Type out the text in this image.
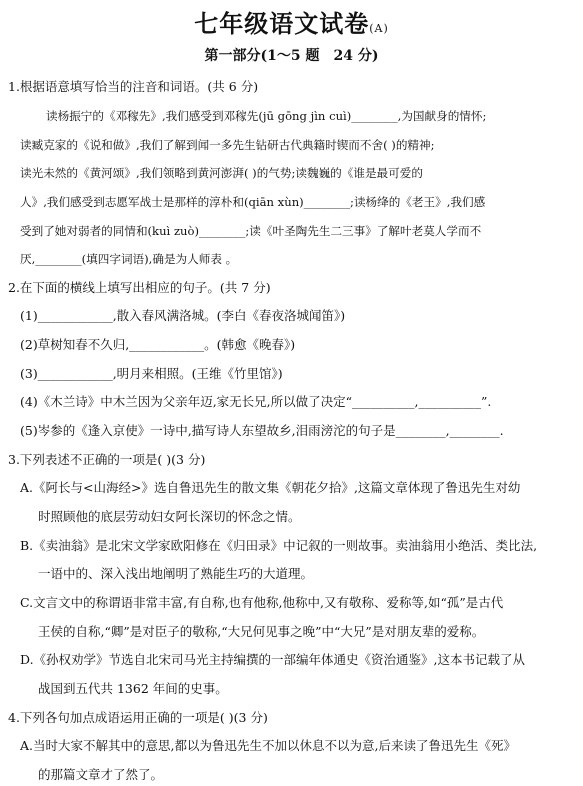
七年级语文试卷(A)
第一部分(1～5 题　24 分)
1.根据语意填写恰当的注音和词语。(共 6 分)
读杨振宁的《邓稼先》,我们感受到邓稼先(jū gōng jìn cuì)________,为国献身的情怀;
读臧克家的《说和做》,我们了解到闻一多先生钻研古代典籍时锲而不舍( )的精神;
读光未然的《黄河颂》,我们领略到黄河澎湃( )的气势;读魏巍的《谁是最可爱的
人》,我们感受到志愿军战士是那样的淳朴和(qiān xùn)________;读杨绛的《老王》,我们感
受到了她对弱者的同情和(kuì zuò)________;读《叶圣陶先生二三事》了解叶老莫人学而不
厌,________(填四字词语),确是为人师表 。
2.在下面的横线上填写出相应的句子。(共 7 分)
(1)____________,散入春风满洛城。(李白《春夜洛城闻笛》)
(2)草树知春不久归,____________。(韩愈《晚春》)
(3)____________,明月来相照。(王维《竹里馆》)
(4)《木兰诗》中木兰因为父亲年迈,家无长兄,所以做了决定“__________,__________”.
(5)岑参的《逢入京使》一诗中,描写诗人东望故乡,泪雨滂沱的句子是________,________.
3.下列表述不正确的一项是( )(3 分)
A.《阿长与<山海经>》选自鲁迅先生的散文集《朝花夕拾》,这篇文章体现了鲁迅先生对幼
时照顾他的底层劳动妇女阿长深切的怀念之情。
B.《卖油翁》是北宋文学家欧阳修在《归田录》中记叙的一则故事。卖油翁用小绝活、类比法,
一语中的、深入浅出地阐明了熟能生巧的大道理。
C.文言文中的称谓语非常丰富,有自称,也有他称,他称中,又有敬称、爱称等,如“孤”是古代
王侯的自称,“卿”是对臣子的敬称,“大兄何见事之晚”中“大兄”是对朋友辈的爱称。
D.《孙权劝学》节选自北宋司马光主持编撰的一部编年体通史《资治通鉴》,这本书记载了从
战国到五代共 1362 年间的史事。
4.下列各句加点成语运用正确的一项是( )(3 分)
A.当时大家不解其中的意思,都以为鲁迅先生不加以休息不以为意,后来读了鲁迅先生《死》
的那篇文章才了然了。
